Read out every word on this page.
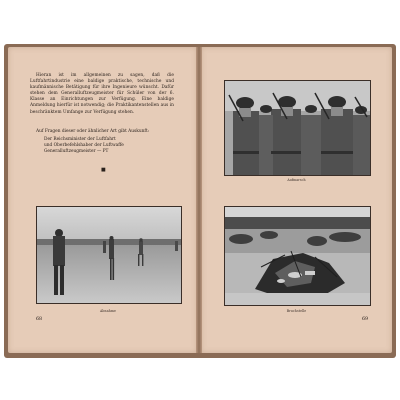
Hieran ist im allgemeinen zu sagen, daß die Luftfahrtindustrie eine baldige praktische, technische und kaufmännische Betätigung für ihre Ingenieure wünscht. Dafür stehen dem Generalluftzeugmeister für Schüler von der 6. Klasse an Einrichtungen zur Verfügung. Eine baldige Anmeldung hierfür ist notwendig; die Praktikantenstellen aus in beschränktem Umfange zur Verfügung stehen.

Auf Fragen dieser oder ähnlicher Art gibt Auskunft:
Der Reichsminister der Luftfahrt
und Oberbefehlshaber der Luftwaffe
Generalluftzeugmeister — PT
■
Abnahme
68
Aufmarsch
Bruchstelle
69
